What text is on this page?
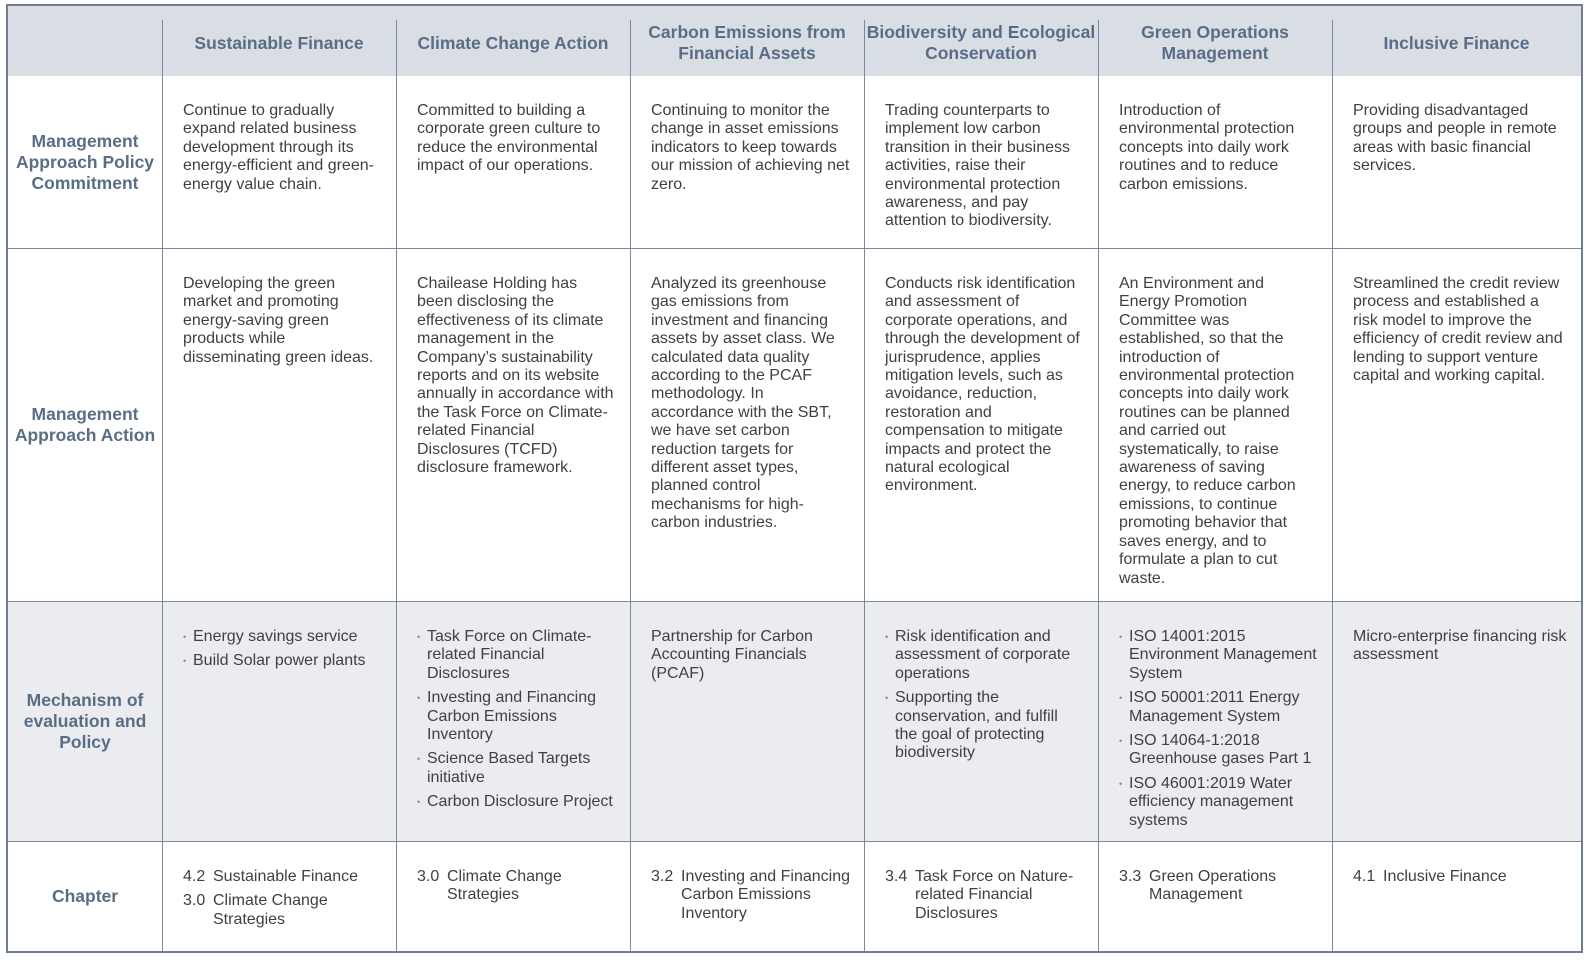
Sustainable Finance	Climate Change Action
Carbon Emissions from Financial Assets
Biodiversity and Ecological Conservation
Green Operations Management
Inclusive Finance
Management Approach Policy Commitment
Continue to gradually expand related business development through its energy-efficient and green-energy value chain.
Committed to building a corporate green culture to reduce the environmental impact of our operations.
Continuing to monitor the change in asset emissions indicators to keep towards our mission of achieving net zero.
Trading counterparts to implement low carbon transition in their business activities, raise their environmental protection awareness, and pay attention to biodiversity.
Introduction of environmental protection concepts into daily work routines and to reduce carbon emissions.
Providing disadvantaged groups and people in remote areas with basic financial services.
Management Approach Action
Developing the green market and promoting energy-saving green products while disseminating green ideas.
Chailease Holding has been disclosing the effectiveness of its climate management in the Company’s sustainability reports and on its website annually in accordance with the Task Force on Climate-related Financial Disclosures (TCFD) disclosure framework.
Analyzed its greenhouse gas emissions from investment and financing assets by asset class. We calculated data quality according to the PCAF methodology. In accordance with the SBT, we have set carbon reduction targets for different asset types, planned control mechanisms for high-carbon industries.
Conducts risk identification and assessment of corporate operations, and through the development of jurisprudence, applies mitigation levels, such as avoidance, reduction, restoration and compensation to mitigate impacts and protect the natural ecological environment.
An Environment and Energy Promotion Committee was established, so that the introduction of environmental protection concepts into daily work routines can be planned and carried out systematically, to raise awareness of saving energy, to reduce carbon emissions, to continue promoting behavior that saves energy, and to formulate a plan to cut waste.
Streamlined the credit review process and established a risk model to improve the efficiency of credit review and lending to support venture capital and working capital.
Mechanism of evaluation and Policy
• Energy savings service
• Build Solar power plants
• Task Force on Climate-related Financial Disclosures
• Investing and Financing Carbon Emissions Inventory
• Science Based Targets initiative
• Carbon Disclosure Project
Partnership for Carbon Accounting Financials (PCAF)
• Risk identification and assessment of corporate operations
• Supporting the conservation, and fulfill the goal of protecting biodiversity
• ISO 14001:2015 Environment Management System
• ISO 50001:2011 Energy Management System
• ISO 14064-1:2018 Greenhouse gases Part 1
• ISO 46001:2019 Water efficiency management systems
Micro-enterprise financing risk assessment
Chapter
4.2 Sustainable Finance
3.0 Climate Change Strategies
3.0 Climate Change Strategies
3.2 Investing and Financing Carbon Emissions Inventory
3.4 Task Force on Nature-related Financial Disclosures
3.3 Green Operations Management
4.1 Inclusive Finance
